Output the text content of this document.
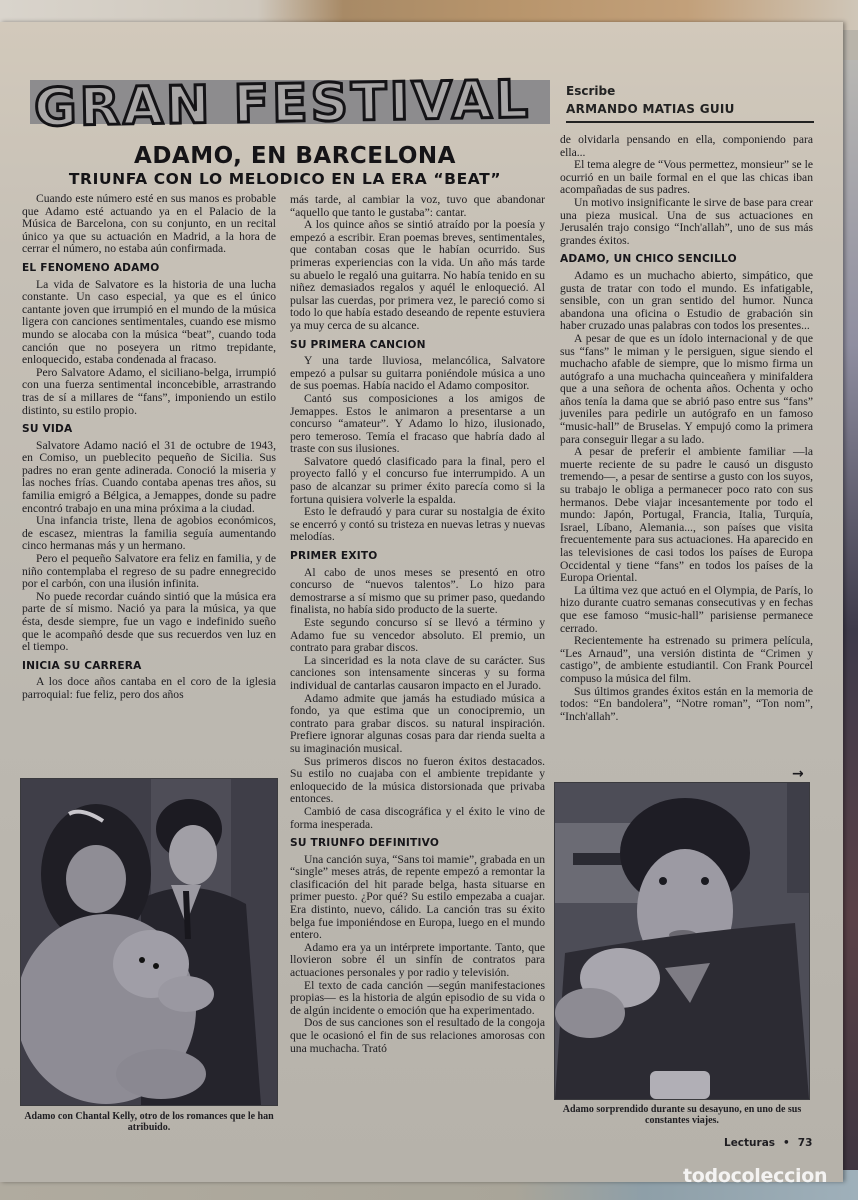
GRAN FESTIVAL	Escribe
ARMANDO MATIAS GUIU
ADAMO, EN BARCELONA
TRIUNFA CON LO MELODICO EN LA ERA “BEAT”

Cuando este número esté en sus manos es probable que Adamo esté actuando ya en el Palacio de la Música de Barcelona, con su conjunto, en un recital único ya que su actuación en Madrid, a la hora de cerrar el número, no estaba aún confirmada.

EL FENOMENO ADAMO

La vida de Salvatore es la historia de una lucha constante. Un caso especial, ya que es el único cantante joven que irrumpió en el mundo de la música ligera con canciones sentimentales, cuando ese mismo mundo se alocaba con la música “beat”, cuando toda canción que no poseyera un ritmo trepidante, enloquecido, estaba condenada al fracaso.

Pero Salvatore Adamo, el siciliano-belga, irrumpió con una fuerza sentimental inconcebible, arrastrando tras de sí a millares de “fans”, imponiendo un estilo distinto, su estilo propio.

SU VIDA

Salvatore Adamo nació el 31 de octubre de 1943, en Comiso, un pueblecito pequeño de Sicilia. Sus padres no eran gente adinerada. Conoció la miseria y las noches frías. Cuando contaba apenas tres años, su familia emigró a Bélgica, a Jemappes, donde su padre encontró trabajo en una mina próxima a la ciudad.

Una infancia triste, llena de agobios económicos, de escasez, mientras la familia seguía aumentando cinco hermanas más y un hermano.

Pero el pequeño Salvatore era feliz en familia, y de niño contemplaba el regreso de su padre ennegrecido por el carbón, con una ilusión infinita.

No puede recordar cuándo sintió que la música era parte de sí mismo. Nació ya para la música, ya que ésta, desde siempre, fue un vago e indefinido sueño que le acompañó desde que sus recuerdos ven luz en el tiempo.

INICIA SU CARRERA

A los doce años cantaba en el coro de la iglesia parroquial: fue feliz, pero dos años

más tarde, al cambiar la voz, tuvo que abandonar “aquello que tanto le gustaba”: cantar.

A los quince años se sintió atraído por la poesía y empezó a escribir. Eran poemas breves, sentimentales, que contaban cosas que le habían ocurrido. Sus primeras experiencias con la vida. Un año más tarde su abuelo le regaló una guitarra. No había tenido en su niñez demasiados regalos y aquél le enloqueció. Al pulsar las cuerdas, por primera vez, le pareció como si todo lo que había estado deseando de repente estuviera ya muy cerca de su alcance.

SU PRIMERA CANCION

Y una tarde lluviosa, melancólica, Salvatore empezó a pulsar su guitarra poniéndole música a uno de sus poemas. Había nacido el Adamo compositor.

Cantó sus composiciones a los amigos de Jemappes. Estos le animaron a presentarse a un concurso “amateur”. Y Adamo lo hizo, ilusionado, pero temeroso. Temía el fracaso que habría dado al traste con sus ilusiones.

Salvatore quedó clasificado para la final, pero el proyecto falló y el concurso fue interrumpido. A un paso de alcanzar su primer éxito parecía como si la fortuna quisiera volverle la espalda.

Esto le defraudó y para curar su nostalgia de éxito se encerró y contó su tristeza en nuevas letras y nuevas melodías.

PRIMER EXITO

Al cabo de unos meses se presentó en otro concurso de “nuevos talentos”. Lo hizo para demostrarse a sí mismo que su primer paso, quedando finalista, no había sido producto de la suerte.

Este segundo concurso sí se llevó a término y Adamo fue su vencedor absoluto. El premio, un contrato para grabar discos.

La sinceridad es la nota clave de su carácter. Sus canciones son intensamente sinceras y su forma individual de cantarlas causaron impacto en el Jurado.

Adamo admite que jamás ha estudiado música a fondo, ya que estima que un conocipremio, un contrato para grabar discos. su natural inspiración. Prefiere ignorar algunas cosas para dar rienda suelta a su imaginación musical.

Sus primeros discos no fueron éxitos destacados. Su estilo no cuajaba con el ambiente trepidante y enloquecido de la música distorsionada que privaba entonces.

Cambió de casa discográfica y el éxito le vino de forma inesperada.

SU TRIUNFO DEFINITIVO

Una canción suya, “Sans toi mamie”, grabada en un “single” meses atrás, de repente empezó a remontar la clasificación del hit parade belga, hasta situarse en primer puesto. ¿Por qué? Su estilo empezaba a cuajar. Era distinto, nuevo, cálido. La canción tras su éxito belga fue imponiéndose en Europa, luego en el mundo entero.

Adamo era ya un intérprete importante. Tanto, que llovieron sobre él un sinfín de contratos para actuaciones personales y por radio y televisión.

El texto de cada canción —según manifestaciones propias— es la historia de algún episodio de su vida o de algún incidente o emoción que ha experimentado.

Dos de sus canciones son el resultado de la congoja que le ocasionó el fin de sus relaciones amorosas con una muchacha. Trató

de olvidarla pensando en ella, componiendo para ella...

El tema alegre de “Vous permettez, monsieur” se le ocurrió en un baile formal en el que las chicas iban acompañadas de sus padres.

Un motivo insignificante le sirve de base para crear una pieza musical. Una de sus actuaciones en Jerusalén trajo consigo “Inch'allah”, uno de sus más grandes éxitos.

ADAMO, UN CHICO SENCILLO

Adamo es un muchacho abierto, simpático, que gusta de tratar con todo el mundo. Es infatigable, sensible, con un gran sentido del humor. Nunca abandona una oficina o Estudio de grabación sin haber cruzado unas palabras con todos los presentes...

A pesar de que es un ídolo internacional y de que sus “fans” le miman y le persiguen, sigue siendo el muchacho afable de siempre, que lo mismo firma un autógrafo a una muchacha quinceañera y minifaldera que a una señora de ochenta años. Ochenta y ocho años tenía la dama que se abrió paso entre sus “fans” juveniles para pedirle un autógrafo en un famoso “music-hall” de Bruselas. Y empujó como la primera para conseguir llegar a su lado.

A pesar de preferir el ambiente familiar —la muerte reciente de su padre le causó un disgusto tremendo—, a pesar de sentirse a gusto con los suyos, su trabajo le obliga a permanecer poco rato con sus hermanos. Debe viajar incesantemente por todo el mundo: Japón, Portugal, Francia, Italia, Turquía, Israel, Líbano, Alemania..., son países que visita frecuentemente para sus actuaciones. Ha aparecido en las televisiones de casi todos los países de Europa Occidental y tiene “fans” en todos los países de la Europa Oriental.

La última vez que actuó en el Olympia, de París, lo hizo durante cuatro semanas consecutivas y en fechas que ese famoso “music-hall” parisiense permanece cerrado.

Recientemente ha estrenado su primera película, “Les Arnaud”, una versión distinta de “Crimen y castigo”, de ambiente estudiantil. Con Frank Pourcel compuso la música del film.

Sus últimos grandes éxitos están en la memoria de todos: “En bandolera”, “Notre roman”, “Ton nom”, “Inch'allah”.

→
Adamo con Chantal Kelly, otro de los romances que le han atribuido.
Adamo sorprendido durante su desayuno, en uno de sus constantes viajes.
Lecturas • 73
todocoleccion
